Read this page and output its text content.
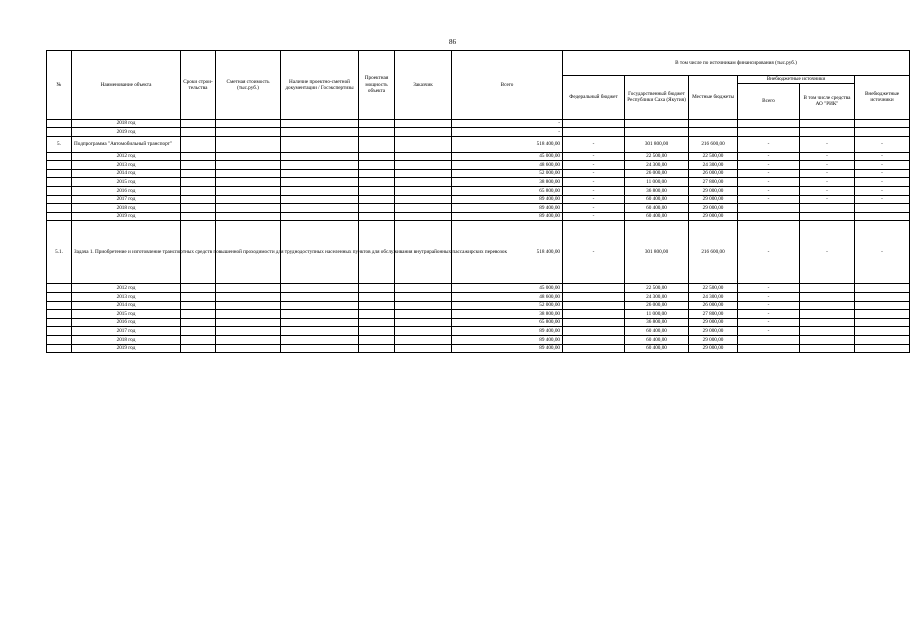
86
№	Наименование объекта	Сроки строи-тельства	Сметная стоимость (тыс.руб.)	Наличие проектно-сметной документации / Госэкспертизы	Проектная мощность объекта	Заказчик	Всего	В том числе по источникам финансирования (тыс.руб.)					
								Федеральный бюджет	Государственный бюджет Республики Саха (Якутия)	Местные бюджеты	Внебюджетные источники		Внебюджетные источники
											Всего	В том числе средства АО "РИК"	
	2018 год						-						
	2019 год						-						
5.	Подпрограмма "Автомобильный транспорт"						518 400,00	-	301 800,00	216 600,00	-	-	-
	2012 год						45 000,00	-	22 500,00	22 500,00	-	-	-
	2013 год						48 600,00	-	24 300,00	24 300,00	-	-	-
	2014 год						52 000,00	-	26 000,00	26 000,00	-	-	-
	2015 год						38 800,00	-	11 000,00	27 800,00	-	-	-
	2016 год						65 800,00	-	36 800,00	29 000,00	-	-	-
	2017 год						89 400,00	-	60 400,00	29 000,00	-	-	-
	2018 год						89 400,00	-	60 400,00	29 000,00			
	2019 год						89 400,00	-	60 400,00	29 000,00			
5.1.	Задача 1. Приобретение и изготовление транспортных средств повышенной проходимости для труднодоступных населенных пунктов для обслуживания внутрирайонных пассажирских перевозок						518 400,00	-	301 800,00	216 600,00	-	-	-
	2012 год						45 000,00		22 500,00	22 500,00	-		
	2013 год						48 600,00		24 300,00	24 300,00	-		
	2014 год						52 000,00		26 000,00	26 000,00	-		
	2015 год						38 800,00		11 000,00	27 800,00	-		
	2016 год						65 800,00		36 800,00	29 000,00	-		
	2017 год						89 400,00		60 400,00	29 000,00	-		
	2018 год						89 400,00		60 400,00	29 000,00			
	2019 год						89 400,00		60 400,00	29 000,00			
